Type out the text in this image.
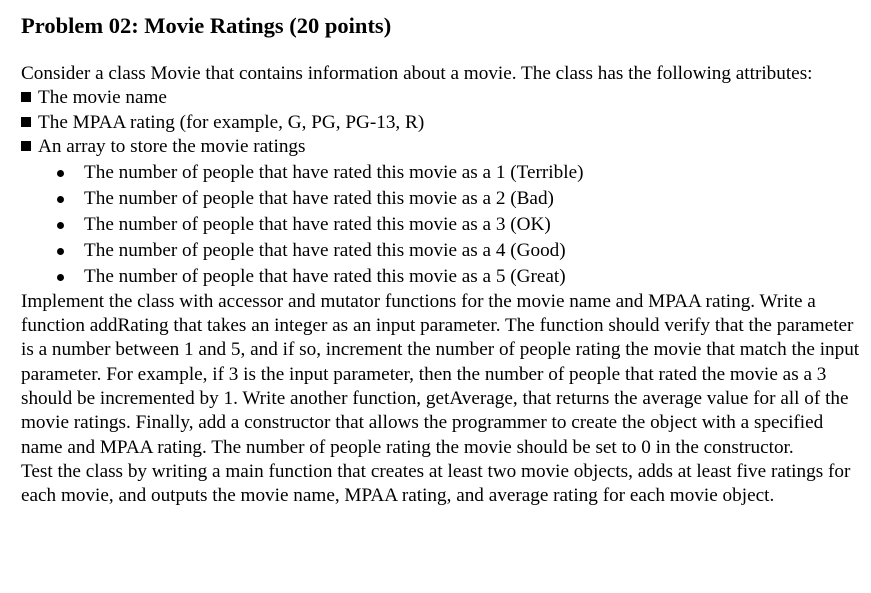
Problem 02: Movie Ratings (20 points)

Consider a class Movie that contains information about a movie. The class has the following attributes:

The movie name
The MPAA rating (for example, G, PG, PG-13, R)
An array to store the movie ratings
The number of people that have rated this movie as a 1 (Terrible)
The number of people that have rated this movie as a 2 (Bad)
The number of people that have rated this movie as a 3 (OK)
The number of people that have rated this movie as a 4 (Good)
The number of people that have rated this movie as a 5 (Great)

Implement the class with accessor and mutator functions for the movie name and MPAA rating. Write a function addRating that takes an integer as an input parameter. The function should verify that the parameter is a number between 1 and 5, and if so, increment the number of people rating the movie that match the input parameter. For example, if 3 is the input parameter, then the number of people that rated the movie as a 3 should be incremented by 1. Write another function, getAverage, that returns the average value for all of the movie ratings. Finally, add a constructor that allows the programmer to create the object with a specified name and MPAA rating. The number of people rating the movie should be set to 0 in the constructor.

Test the class by writing a main function that creates at least two movie objects, adds at least five ratings for each movie, and outputs the movie name, MPAA rating, and average rating for each movie object.
